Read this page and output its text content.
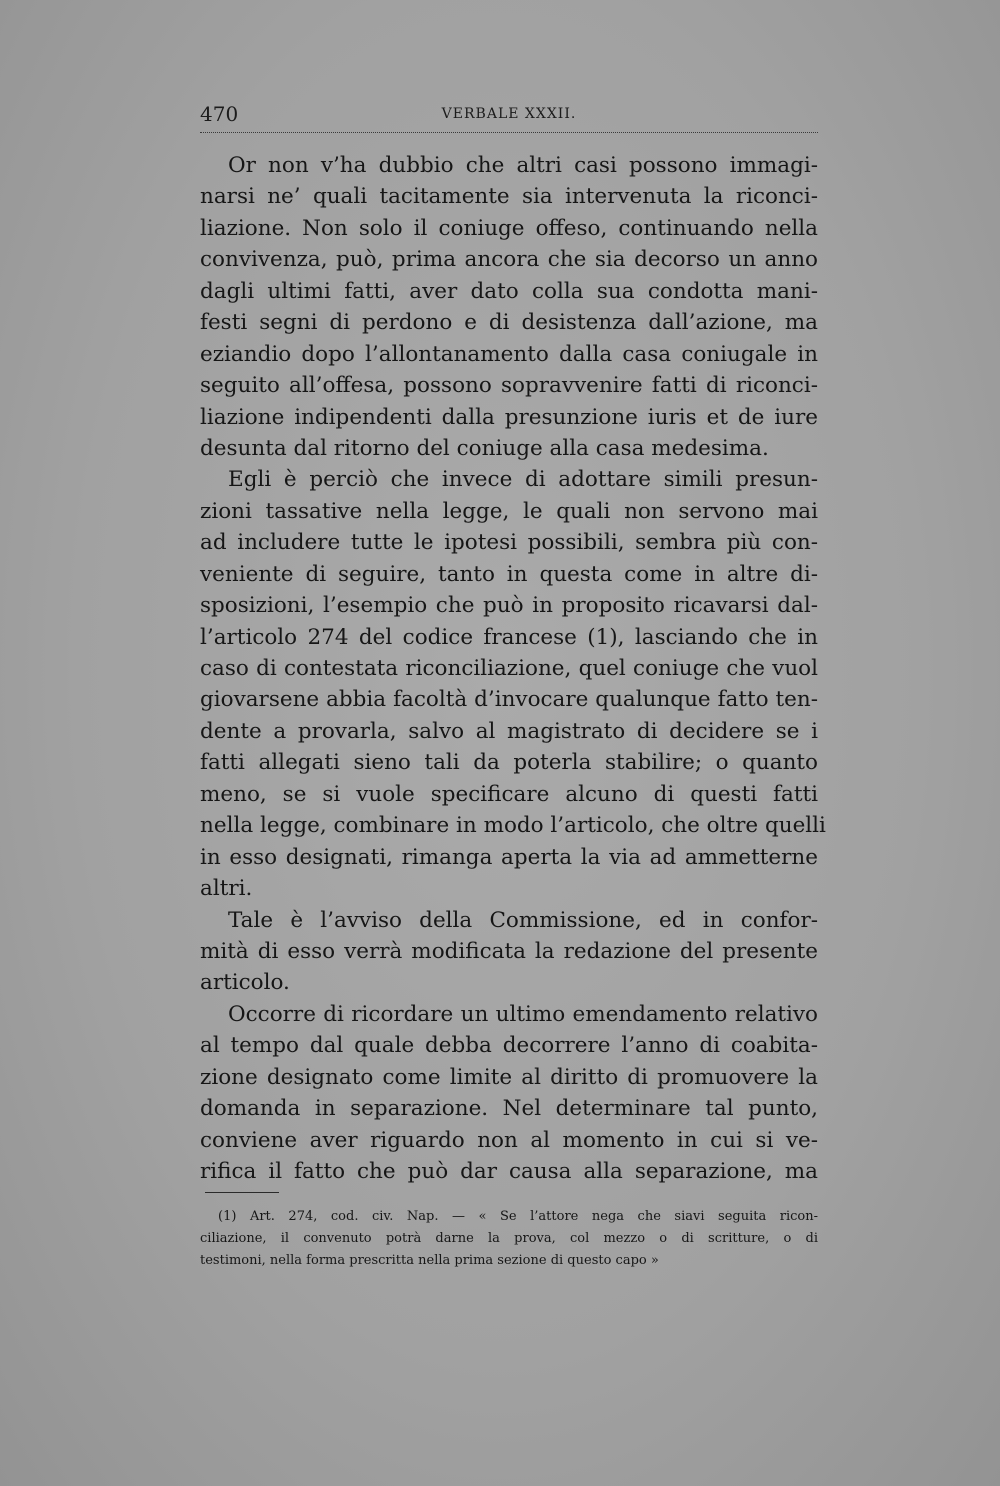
470	VERBALE XXXII.
Or non v’ha dubbio che altri casi possono immagi-
narsi ne’ quali tacitamente sia intervenuta la riconci-
liazione. Non solo il coniuge offeso, continuando nella
convivenza, può, prima ancora che sia decorso un anno
dagli ultimi fatti, aver dato colla sua condotta mani-
festi segni di perdono e di desistenza dall’azione, ma
eziandio dopo l’allontanamento dalla casa coniugale in
seguito all’offesa, possono sopravvenire fatti di riconci-
liazione indipendenti dalla presunzione iuris et de iure
desunta dal ritorno del coniuge alla casa medesima.
Egli è perciò che invece di adottare simili presun-
zioni tassative nella legge, le quali non servono mai
ad includere tutte le ipotesi possibili, sembra più con-
veniente di seguire, tanto in questa come in altre di-
sposizioni, l’esempio che può in proposito ricavarsi dal-
l’articolo 274 del codice francese (1), lasciando che in
caso di contestata riconciliazione, quel coniuge che vuol
giovarsene abbia facoltà d’invocare qualunque fatto ten-
dente a provarla, salvo al magistrato di decidere se i
fatti allegati sieno tali da poterla stabilire; o quanto
meno, se si vuole specificare alcuno di questi fatti
nella legge, combinare in modo l’articolo, che oltre quelli
in esso designati, rimanga aperta la via ad ammetterne
altri.
Tale è l’avviso della Commissione, ed in confor-
mità di esso verrà modificata la redazione del presente
articolo.
Occorre di ricordare un ultimo emendamento relativo
al tempo dal quale debba decorrere l’anno di coabita-
zione designato come limite al diritto di promuovere la
domanda in separazione. Nel determinare tal punto,
conviene aver riguardo non al momento in cui si ve-
rifica il fatto che può dar causa alla separazione, ma
(1) Art. 274, cod. civ. Nap. — « Se l’attore nega che siavi seguita ricon-
ciliazione, il convenuto potrà darne la prova, col mezzo o di scritture, o di
testimoni, nella forma prescritta nella prima sezione di questo capo »
